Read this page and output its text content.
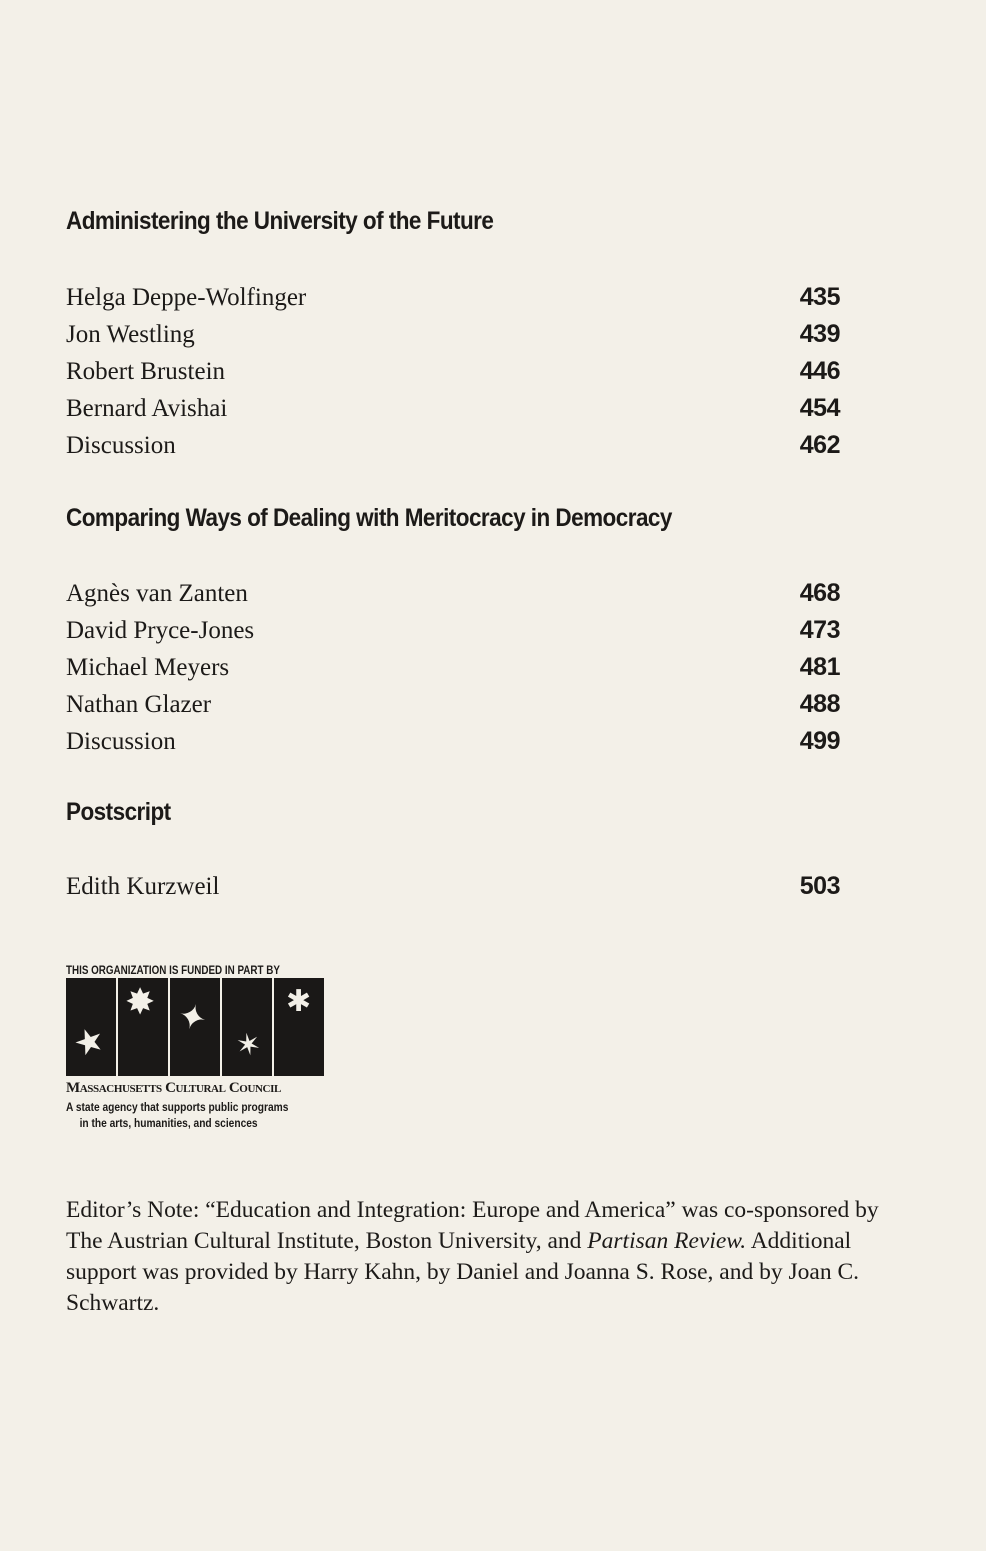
Administering the University of the Future
Helga Deppe-Wolfinger	435
Jon Westling	439
Robert Brustein	446
Bernard Avishai	454
Discussion	462
Comparing Ways of Dealing with Meritocracy in Democracy
Agnès van Zanten	468
David Pryce-Jones	473
Michael Meyers	481
Nathan Glazer	488
Discussion	499
Postscript
Edith Kurzweil	503
THIS ORGANIZATION IS FUNDED IN PART BY
★
✸ ✦
✶
✱
Massachusetts Cultural Council
A state agency that supports public programs
in the arts, humanities, and sciences
Editor’s Note: “Education and Integration: Europe and America” was co-sponsored by The Austrian Cultural Institute, Boston University, and Partisan Review. Additional support was provided by Harry Kahn, by Daniel and Joanna S. Rose, and by Joan C. Schwartz.
